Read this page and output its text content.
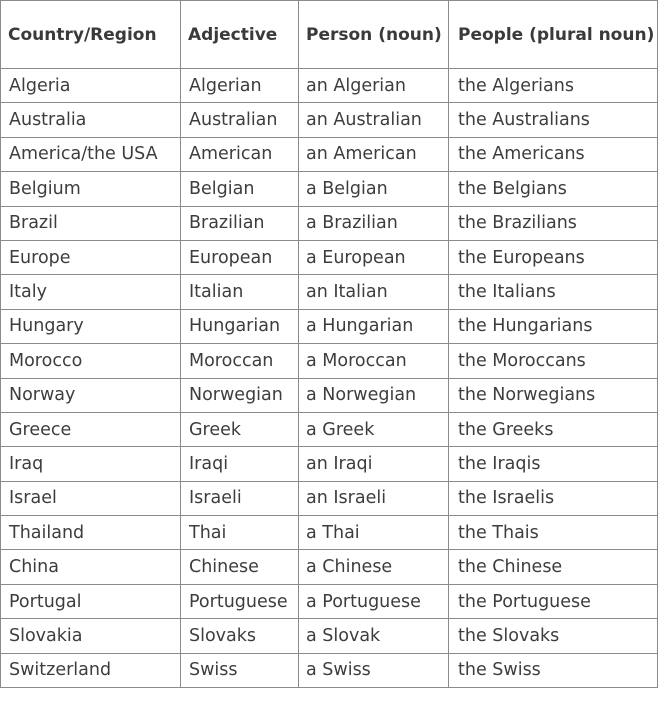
Country/Region	Adjective	Person (noun)	People (plural noun)
Algeria	Algerian	an Algerian	the Algerians
Australia	Australian	an Australian	the Australians
America/the USA	American	an American	the Americans
Belgium	Belgian	a Belgian	the Belgians
Brazil	Brazilian	a Brazilian	the Brazilians
Europe	European	a European	the Europeans
Italy	Italian	an Italian	the Italians
Hungary	Hungarian	a Hungarian	the Hungarians
Morocco	Moroccan	a Moroccan	the Moroccans
Norway	Norwegian	a Norwegian	the Norwegians
Greece	Greek	a Greek	the Greeks
Iraq	Iraqi	an Iraqi	the Iraqis
Israel	Israeli	an Israeli	the Israelis
Thailand	Thai	a Thai	the Thais
China	Chinese	a Chinese	the Chinese
Portugal	Portuguese	a Portuguese	the Portuguese
Slovakia	Slovaks	a Slovak	the Slovaks
Switzerland	Swiss	a Swiss	the Swiss
